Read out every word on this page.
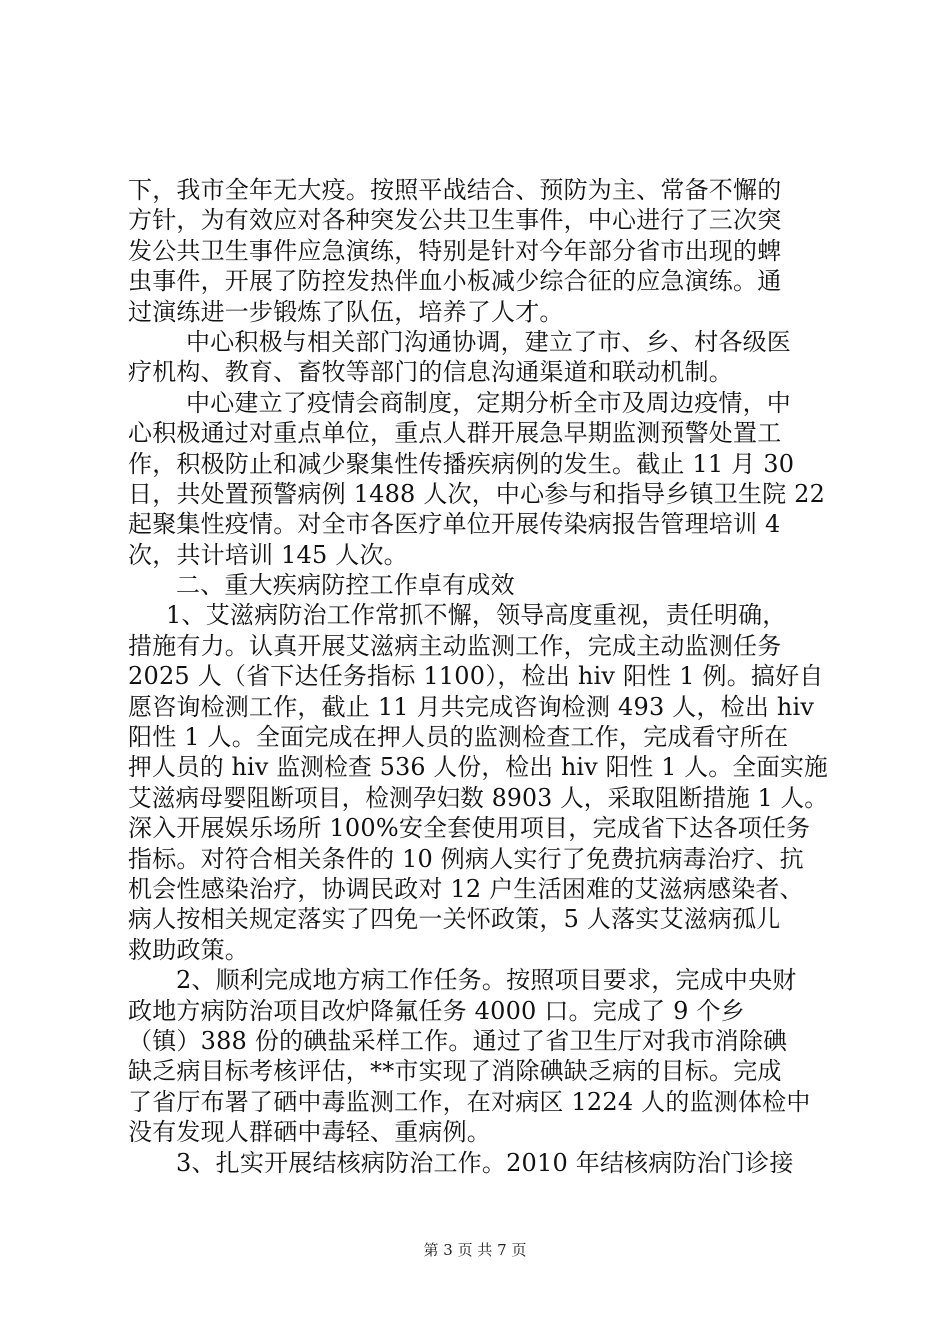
下，我市全年无大疫。按照平战结合、预防为主、常备不懈的
方针，为有效应对各种突发公共卫生事件，中心进行了三次突
发公共卫生事件应急演练，特别是针对今年部分省市出现的蜱
虫事件，开展了防控发热伴血小板减少综合征的应急演练。通
过演练进一步锻炼了队伍，培养了人才。
中心积极与相关部门沟通协调，建立了市、乡、村各级医
疗机构、教育、畜牧等部门的信息沟通渠道和联动机制。
中心建立了疫情会商制度，定期分析全市及周边疫情，中
心积极通过对重点单位，重点人群开展急早期监测预警处置工
作，积极防止和减少聚集性传播疾病例的发生。截止 11 月 30
日，共处置预警病例 1488 人次，中心参与和指导乡镇卫生院 22
起聚集性疫情。对全市各医疗单位开展传染病报告管理培训 4
次，共计培训 145 人次。
二、重大疾病防控工作卓有成效
1、艾滋病防治工作常抓不懈，领导高度重视，责任明确，
措施有力。认真开展艾滋病主动监测工作，完成主动监测任务
2025 人（省下达任务指标 1100），检出 hiv 阳性 1 例。搞好自
愿咨询检测工作，截止 11 月共完成咨询检测 493 人，检出 hiv
阳性 1 人。全面完成在押人员的监测检查工作，完成看守所在
押人员的 hiv 监测检查 536 人份，检出 hiv 阳性 1 人。全面实施
艾滋病母婴阻断项目，检测孕妇数 8903 人，采取阻断措施 1 人。
深入开展娱乐场所 100%安全套使用项目，完成省下达各项任务
指标。对符合相关条件的 10 例病人实行了免费抗病毒治疗、抗
机会性感染治疗，协调民政对 12 户生活困难的艾滋病感染者、
病人按相关规定落实了四免一关怀政策，5 人落实艾滋病孤儿
救助政策。
2、顺利完成地方病工作任务。按照项目要求，完成中央财
政地方病防治项目改炉降氟任务 4000 口。完成了 9 个乡
（镇）388 份的碘盐采样工作。通过了省卫生厅对我市消除碘
缺乏病目标考核评估，**市实现了消除碘缺乏病的目标。完成
了省厅布署了硒中毒监测工作，在对病区 1224 人的监测体检中
没有发现人群硒中毒轻、重病例。
3、扎实开展结核病防治工作。2010 年结核病防治门诊接
第 3 页 共 7 页
